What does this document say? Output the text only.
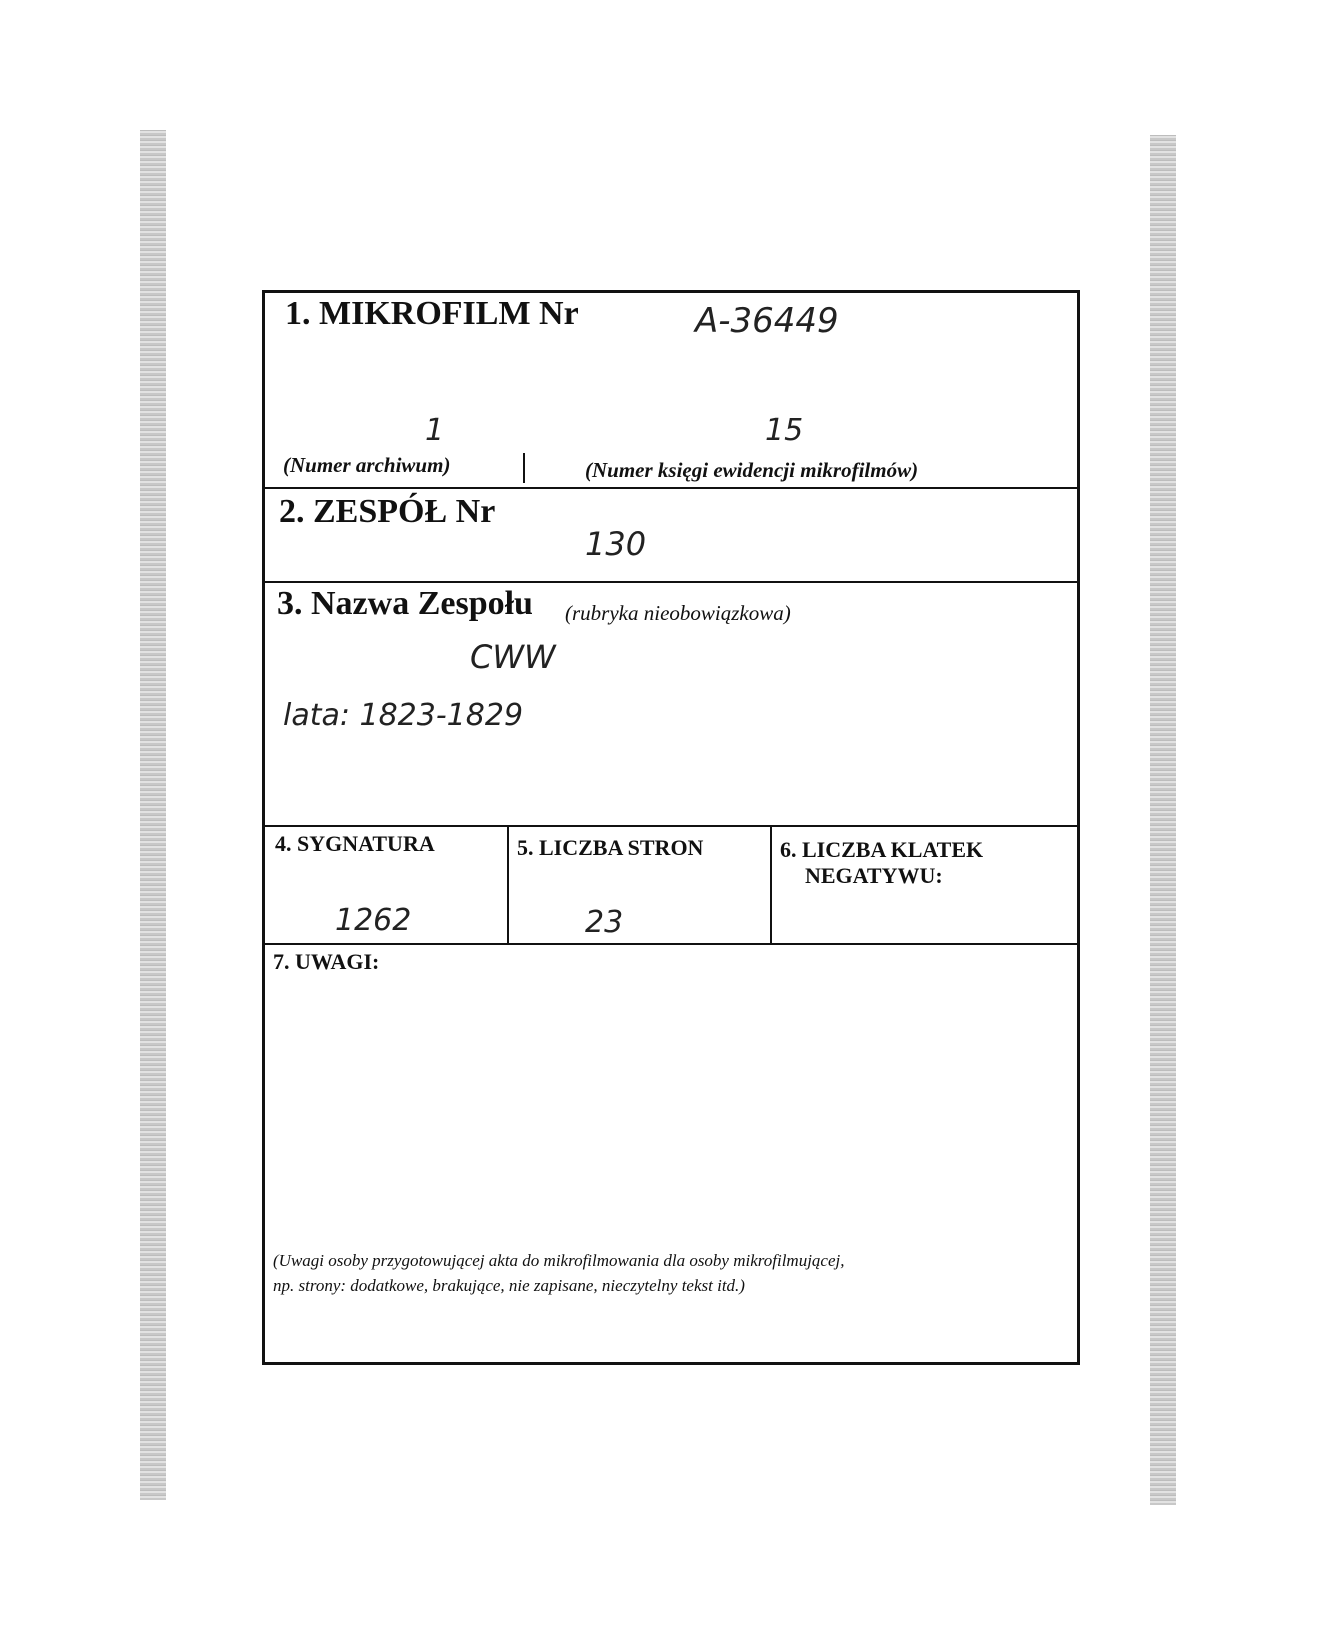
1. MIKROFILM Nr	A-36449
1	15
(Numer archiwum)	(Numer księgi ewidencji mikrofilmów)
2. ZESPÓŁ Nr
130
3. Nazwa Zespołu (rubryka nieobowiązkowa)
CWW
lata: 1823-1829
4. SYGNATURA
1262
5. LICZBA STRON
23
6. LICZBA KLATEK
NEGATYWU:
7. UWAGI:
(Uwagi osoby przygotowującej akta do mikrofilmowania dla osoby mikrofilmującej,
np. strony: dodatkowe, brakujące, nie zapisane, nieczytelny tekst itd.)
